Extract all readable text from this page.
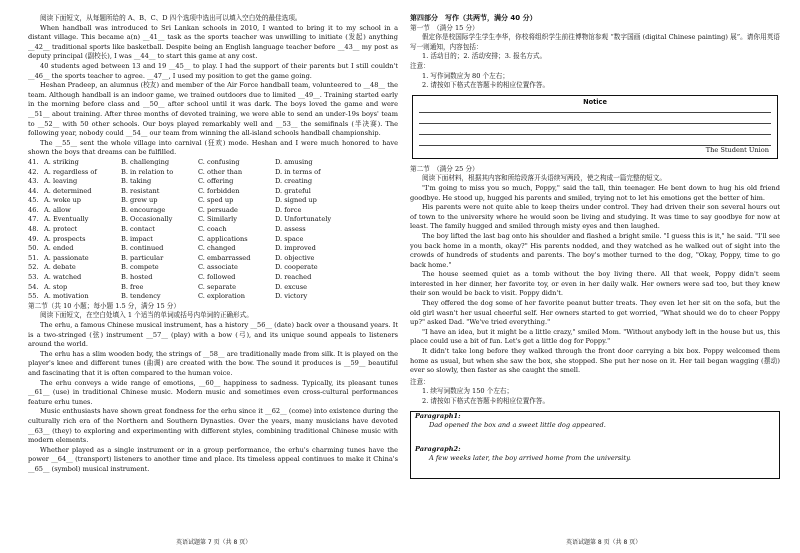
阅读下面短文，从每题所给的 A、B、C、D 四个选项中选出可以填入空白处的最佳选项。

When handball was introduced to Sri Lankan schools in 2010, I wanted to bring it to my school in a distant village. This became a(n) __41__ task as the sports teacher was unwilling to initiate (发起) anything __42__ traditional sports like basketball. Despite being an English language teacher before __43__ my post as deputy principal (副校长), I was __44__ to start this game at any cost.

40 students aged between 13 and 19 __45__ to play. I had the support of their parents but I still couldn't __46__ the sports teacher to agree. __47__, I used my position to get the game going.

Heshan Pradeep, an alumnus (校友) and member of the Air Force handball team, volunteered to __48__ the team. Although handball is an indoor game, we trained outdoors due to limited __49__. Training started early in the morning before class and __50__ after school until it was dark. The boys loved the game and were __51__ about training. After three months of devoted training, we were able to send an under-19s boys' team to __52__ with 50 other schools. Our boys played remarkably well and __53__ the semifinals (半决赛). The following year, nobody could __54__ our team from winning the all-island schools handball championship.

The __55__ sent the whole village into carnival (狂欢) mode. Heshan and I were much honored to have shown the boys that dreams can be fulfilled.

41. A. striking	B. challenging	C. confusing	D. amusing
42. A. regardless of	B. in relation to	C. other than	D. in terms of
43. A. leaving	B. taking	C. offering	D. creating
44. A. determined	B. resistant	C. forbidden	D. grateful
45. A. woke up	B. grew up	C. sped up	D. signed up
46. A. allow	B. encourage	C. persuade	D. force
47. A. Eventually	B. Occasionally	C. Similarly	D. Unfortunately
48. A. protect	B. contact	C. coach	D. assess
49. A. prospects	B. impact	C. applications	D. space
50. A. ended	B. continued	C. changed	D. improved
51. A. passionate	B. particular	C. embarrassed	D. objective
52. A. debate	B. compete	C. associate	D. cooperate
53. A. watched	B. hosted	C. followed	D. reached
54. A. stop	B. free	C. separate	D. excuse
55. A. motivation	B. tendency	C. exploration	D. victory

第二节（共 10 小题；每小题 1.5 分，满分 15 分）

阅读下面短文，在空白处填入 1 个适当的单词或括号内单词的正确形式。

The erhu, a famous Chinese musical instrument, has a history __56__ (date) back over a thousand years. It is a two-stringed (弦) instrument __57__ (play) with a bow (弓), and its unique sound appeals to listeners around the world.

The erhu has a slim wooden body, the strings of __58__ are traditionally made from silk. It is played on the player's knee and different tunes (曲调) are created with the bow. The sound it produces is __59__ beautiful and fascinating that it is often compared to the human voice.

The erhu conveys a wide range of emotions, __60__ happiness to sadness. Typically, its pleasant tunes __61__ (use) in traditional Chinese music. Modern music and sometimes even cross-cultural performances feature erhu tunes.

Music enthusiasts have shown great fondness for the erhu since it __62__ (come) into existence during the culturally rich era of the Northern and Southern Dynasties. Over the years, many musicians have devoted __63__ (they) to exploring and experimenting with different styles, combining traditional Chinese music with modern elements.

Whether played as a single instrument or in a group performance, the erhu's charming tunes have the power __64__ (transport) listeners to another time and place. Its timeless appeal continues to make it China's __65__ (symbol) musical instrument.

第四部分　写作（共两节，满分 40 分）

第一节　（满分 15 分）

假定你是校国际学生学生李华，你校将组织学生前往博物馆参观 “数字国画 (digital Chinese painting) 展”。请你用英语写一则通知，内容包括：

1. 活动目的；2. 活动安排；3. 报名方式。

注意：

1. 写作词数应为 80 个左右；

2. 请按如下格式在答题卡的相应位置作答。

Notice
The Student Union

第二节　（满分 25 分）

阅读下面材料，根据其内容和所给段落开头语续写两段，使之构成一篇完整的短文。

"I'm going to miss you so much, Poppy," said the tall, thin teenager. He bent down to hug his old friend goodbye. He stood up, hugged his parents and smiled, trying not to let his emotions get the better of him.

His parents were not quite able to keep theirs under control. They had driven their son several hours out of town to the university where he would soon be living and studying. It was time to say goodbye for now at least. The family hugged and smiled through misty eyes and then laughed.

The boy lifted the last bag onto his shoulder and flashed a bright smile. "I guess this is it," he said. "I'll see you back home in a month, okay?" His parents nodded, and they watched as he walked out of sight into the crowds of hundreds of students and parents. The boy's mother turned to the dog, "Okay, Poppy, time to go back home."

The house seemed quiet as a tomb without the boy living there. All that week, Poppy didn't seem interested in her dinner, her favorite toy, or even in her daily walk. Her owners were sad too, but they knew their son would be back to visit. Poppy didn't.

They offered the dog some of her favorite peanut butter treats. They even let her sit on the sofa, but the old girl wasn't her usual cheerful self. Her owners started to get worried, "What should we do to cheer Poppy up?" asked Dad. "We've tried everything."

"I have an idea, but it might be a little crazy," smiled Mom. "Without anybody left in the house but us, this place could use a bit of fun. Let's get a little dog for Poppy."

It didn't take long before they walked through the front door carrying a bix box. Poppy welcomed them home as usual, but when she saw the box, she stopped. She put her nose on it. Her tail began wagging (摆动) ever so slowly, then faster as she caught the smell.

注意：

1. 续写词数应为 150 个左右；

2. 请按如下格式在答题卡的相应位置作答。

Paragraph1:
Dad opened the box and a sweet little dog appeared.
Paragraph2:
A few weeks later, the boy arrived home from the university.
英语试题第 7 页（共 8 页）	英语试题第 8 页（共 8 页）
